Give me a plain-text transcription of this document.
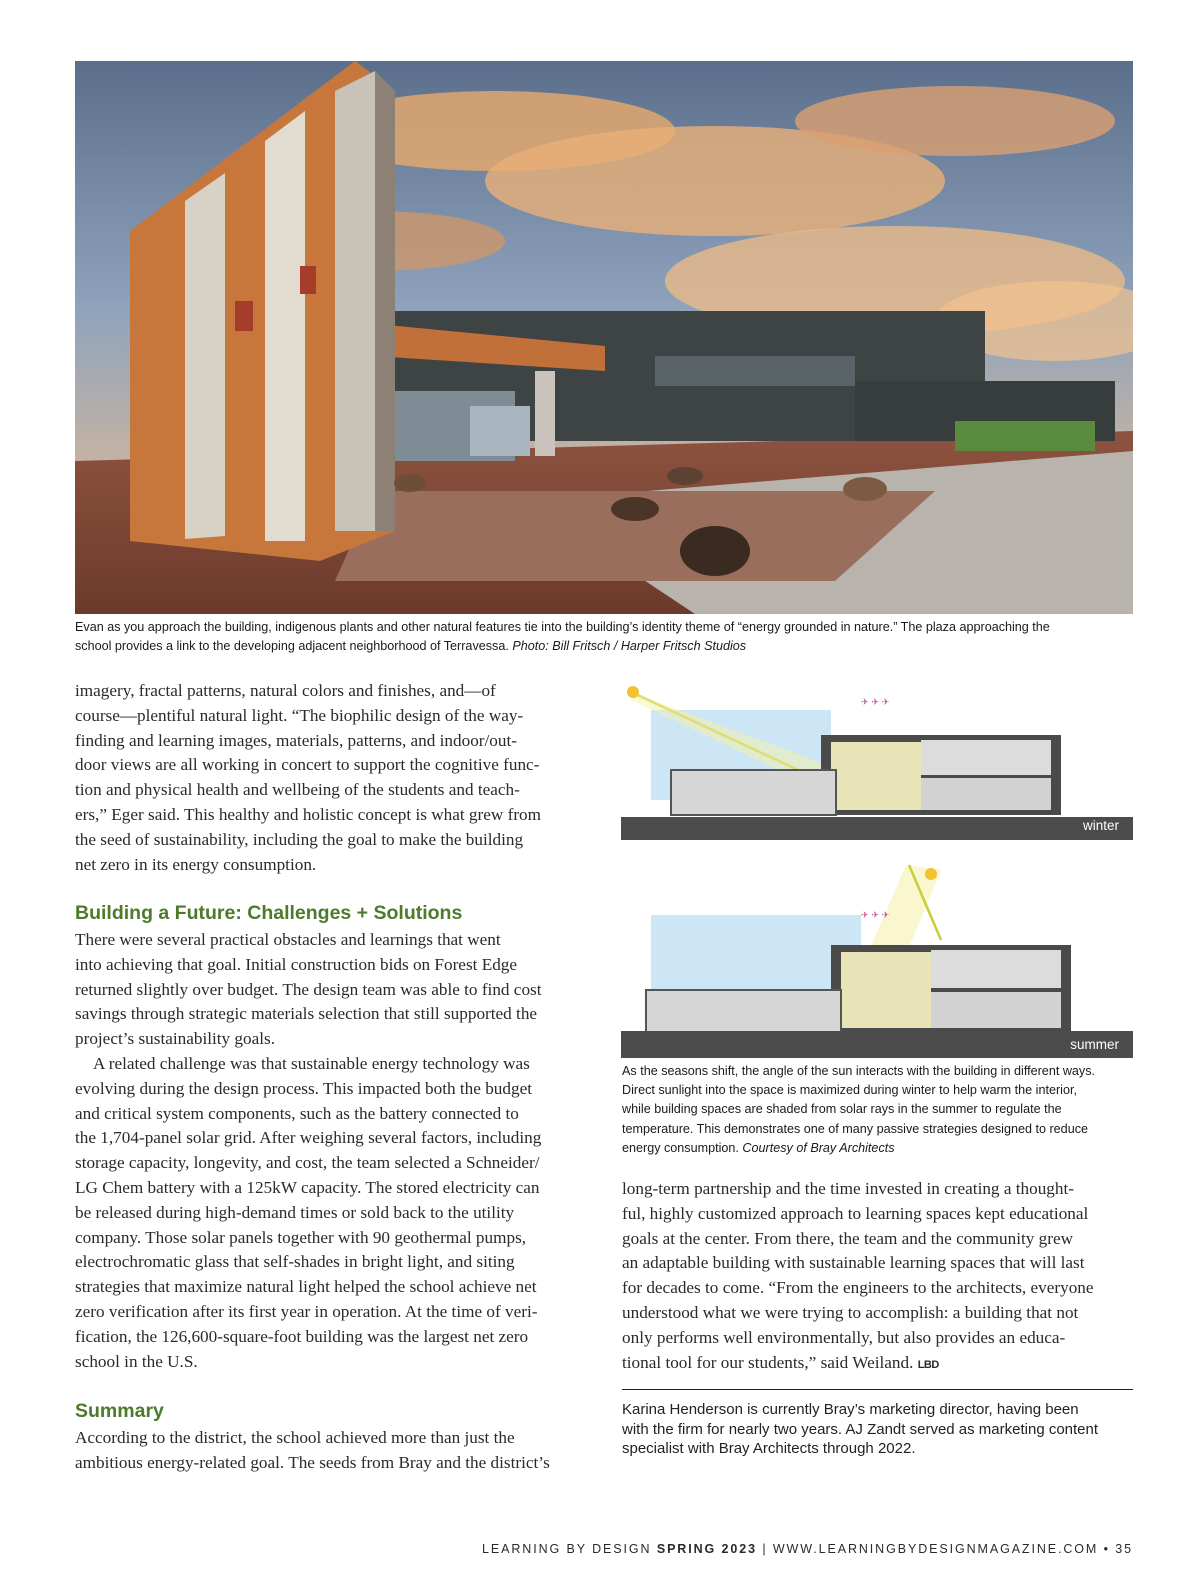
Evan as you approach the building, indigenous plants and other natural features tie into the building’s identity theme of “energy grounded in nature.” The plaza approaching the
school provides a link to the developing adjacent neighborhood of Terravessa. Photo: Bill Fritsch / Harper Fritsch Studios
imagery, fractal patterns, natural colors and finishes, and—of
course—plentiful natural light. “The biophilic design of the way-
finding and learning images, materials, patterns, and indoor/out-
door views are all working in concert to support the cognitive func-
tion and physical health and wellbeing of the students and teach-
ers,” Eger said. This healthy and holistic concept is what grew from
the seed of sustainability, including the goal to make the building
net zero in its energy consumption.
Building a Future: Challenges + Solutions
There were several practical obstacles and learnings that went
into achieving that goal. Initial construction bids on Forest Edge
returned slightly over budget. The design team was able to find cost
savings through strategic materials selection that still supported the
project’s sustainability goals.
A related challenge was that sustainable energy technology was
evolving during the design process. This impacted both the budget
and critical system components, such as the battery connected to
the 1,704-panel solar grid. After weighing several factors, including
storage capacity, longevity, and cost, the team selected a Schneider/
LG Chem battery with a 125kW capacity. The stored electricity can
be released during high-demand times or sold back to the utility
company. Those solar panels together with 90 geothermal pumps,
electrochromatic glass that self-shades in bright light, and siting
strategies that maximize natural light helped the school achieve net
zero verification after its first year in operation. At the time of veri-
fication, the 126,600-square-foot building was the largest net zero
school in the U.S.
Summary
According to the district, the school achieved more than just the
ambitious energy-related goal. The seeds from Bray and the district’s
✈ ✈ ✈
winter
✈ ✈ ✈
summer
As the seasons shift, the angle of the sun interacts with the building in different ways.
Direct sunlight into the space is maximized during winter to help warm the interior,
while building spaces are shaded from solar rays in the summer to regulate the
temperature. This demonstrates one of many passive strategies designed to reduce
energy consumption. Courtesy of Bray Architects
long-term partnership and the time invested in creating a thought-
ful, highly customized approach to learning spaces kept educational
goals at the center. From there, the team and the community grew
an adaptable building with sustainable learning spaces that will last
for decades to come. “From the engineers to the architects, everyone
understood what we were trying to accomplish: a building that not
only performs well environmentally, but also provides an educa-
tional tool for our students,” said Weiland. LBD
Karina Henderson is currently Bray’s marketing director, having been
with the firm for nearly two years. AJ Zandt served as marketing content
specialist with Bray Architects through 2022.
LEARNING BY DESIGN SPRING 2023 | WWW.LEARNINGBYDESIGNMAGAZINE.COM • 35
